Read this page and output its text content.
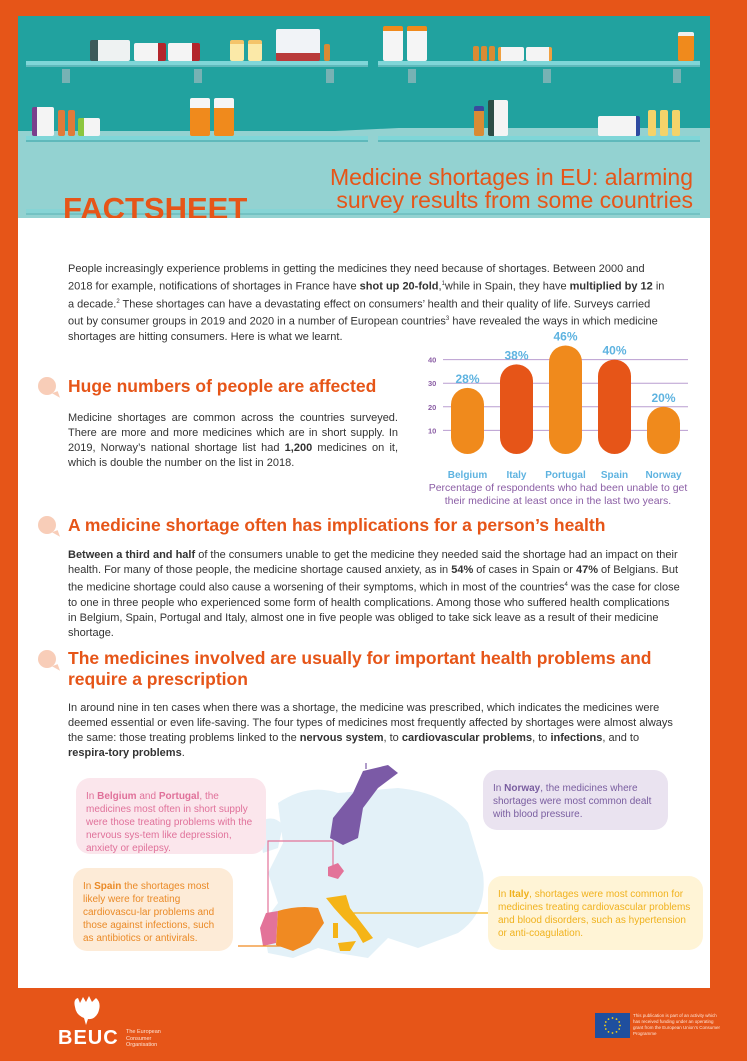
FACTSHEET
Medicine shortages in EU: alarming
survey results from some countries

People increasingly experience problems in getting the medicines they need because of shortages. Between 2000 and 2018 for example, notifications of shortages in France have shot up 20-fold,$^1$while in Spain, they have multiplied by 12 in a decade.$^2$ These shortages can have a devastating effect on consumers’ health and their quality of life. Surveys carried out by consumer groups in 2019 and 2020 in a number of European countries$^3$ have revealed the ways in which medicine shortages are hitting consumers. Here is what we learnt.

Huge numbers of people are affected

Medicine shortages are common across the countries surveyed. There are more and more medicines which are in short supply. In 2019, Norway’s national shortage list had 1,200 medicines on it, which is double the number on the list in 2018.

10
20
30
40
28%
Belgium
38%
Italy
46%
Portugal
40%
Spain
20%
Norway
Percentage of respondents who had been unable to get
their medicine at least once in the last two years.
A medicine shortage often has implications for a person’s health

Between a third and half of the consumers unable to get the medicine they needed said the shortage had an impact on their health. For many of those people, the medicine shortage caused anxiety, as in 54% of cases in Spain or 47% of Belgians. But the medicine shortage could also cause a worsening of their symptoms, which in most of the countries$^4$ was the case for close to one in three people who experienced some form of health complications. Among those who suffered health complications in Belgium, Spain, Portugal and Italy, almost one in five people was obliged to take sick leave as a result of their medicine shortage.

The medicines involved are usually for important health problems and
require a prescription

In around nine in ten cases when there was a shortage, the medicine was prescribed, which indicates the medicines were deemed essential or even life-saving. The four types of medicines most frequently affected by shortages were almost always the same: those treating problems linked to the nervous system, to cardiovascular problems, to infections, and to respira-tory problems.

In Belgium and Portugal, the medicines most often in short supply were those treating problems with the nervous sys-tem like depression, anxiety or epilepsy.
In Spain the shortages most likely were for treating cardiovascu-lar problems and those against infections, such as antibiotics or antivirals.
In Norway, the medicines where shortages were most common dealt with blood pressure.
In Italy, shortages were most common for medicines treating cardiovascular problems and blood disorders, such as hypertension or anti-coagulation.
BEUC The European Consumer Organisation
This publication is part of an activity which has received funding under an operating grant from the European Union’s Consumer Programme
